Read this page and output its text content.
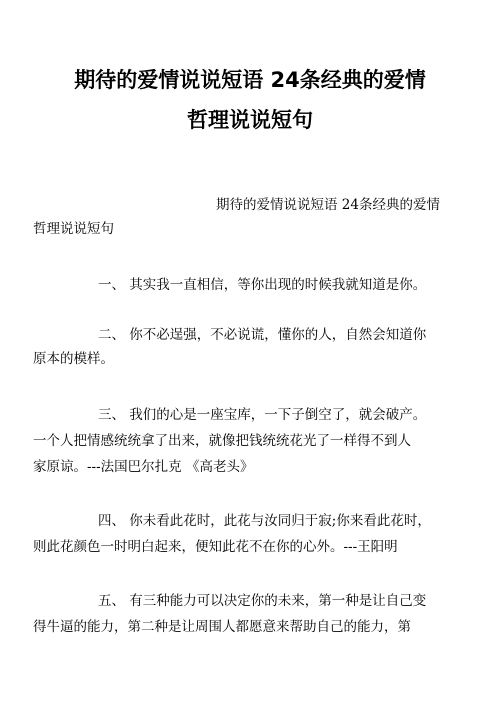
期待的爱情说说短语 24条经典的爱情
哲理说说短句
期待的爱情说说短语 24条经典的爱情
哲理说说短句
一、 其实我一直相信，等你出现的时候我就知道是你。
二、 你不必逞强，不必说谎，懂你的人，自然会知道你
原本的模样。
三、 我们的心是一座宝库，一下子倒空了，就会破产。
一个人把情感统统拿了出来，就像把钱统统花光了一样得不到人
家原谅。---法国巴尔扎克 《高老头》
四、 你未看此花时，此花与汝同归于寂;你来看此花时，
则此花颜色一时明白起来，便知此花不在你的心外。---王阳明
五、 有三种能力可以决定你的未来，第一种是让自己变
得牛逼的能力，第二种是让周围人都愿意来帮助自己的能力，第
